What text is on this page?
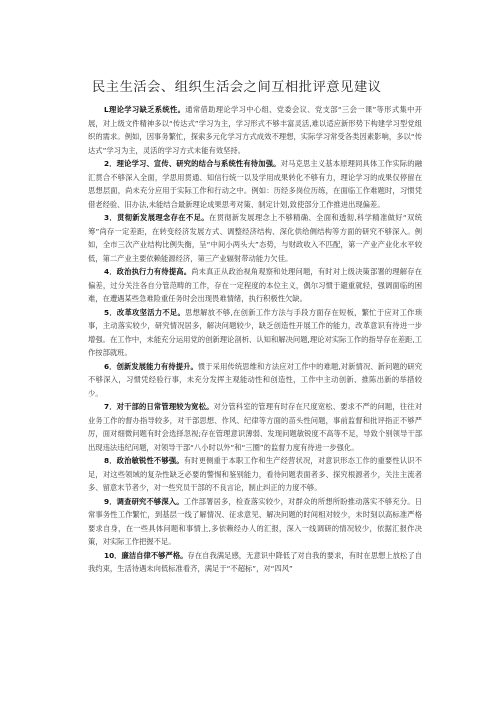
民主生活会、组织生活会之间互相批评意见建议

L理论学习缺乏系统性。通常借助理论学习中心组、党委会议、党支部“三会一课”等形式集中开展，对上级文件精神多以“传达式”学习为主，学习形式不够丰富灵活,难以适应新形势下构建学习型党组织的需求。例如，因事务繁忙，探索多元化学习方式成效不理想，实际学习常受各类因素影响，多以“传达式”学习为主，灵活的学习方式未能有效坚持。

2．理论学习、宣传、研究的结合与系统性有待加强。对马克思主义基本原理同具体工作实际的融汇贯合不够深入全面，学思用贯通、知信行统一以及学用成果转化不够有力，理论学习的成果仅停留在思想层面，尚未充分应用于实际工作和行动之中。例如：历经多岗位历练，在面临工作难题时，习惯凭借老经验、旧办法,未能结合最新理论成果思考对策、制定计划,致使部分工作推进出现偏差。

3．贯彻新发展理念存在不足。在贯彻新发展理念上不够精确、全面和透彻,科学精准做好“双统筹”尚存一定差距，在转变经济发展方式、调整经济结构、深化供给侧结构等方面的研究不够深入。例如，全市三次产业结构比例失衡，呈“中间小两头大”态势，与财政收入不匹配，第一产业产业化水平较低，第二产业主要依赖能源经济，第三产业辐射带动能力欠佳。

4．政治执行力有待提高。尚未真正从政治视角观察和处理问题，有时对上级决策部署的理解存在偏差，过分关注各自分管范畴的工作，存在一定程度的本位主义，偶尔习惯于避重就轻，强调面临的困难，在遭遇某些急难险重任务时会出现畏难情绪，执行积极性欠缺。

5．改革攻坚活力不足。思想解放不够,在创新工作方法与手段方面存在短板，繁忙于应对工作琐事，主动落实较少，研究情况居多，解决问题较少，缺乏创造性开展工作的能力，改革意识有待进一步增强。在工作中，未能充分运用党的创新理论剖析、认知和解决问题,理论对实际工作的指导存在差距,工作按部就班。

6．创新发展能力有待提升。惯于采用传统思维和方法应对工作中的难题,对新情况、新问题的研究不够深入，习惯凭经验行事，未充分发挥主观能动性和创造性，工作中主动创新、推陈出新的举措较少。

7．对干部的日常管理较为宽松。对分管科室的管理有时存在尺度宽松、要求不严的问题，往往对业务工作的督办指导较多，对干部思想、作风、纪律等方面的苗头性问题，事前监督和批评指正不够严厉，面对细微问题有时会选择忽视;存在管理意识薄弱、发现问题敏锐度不高等不足，导致个别领导干部出现违法违纪问题，对领导干部“八小时以外”和“三圈”的监督力度有待进一步强化。

8．政治敏锐性不够强。有时更侧重于本职工作和生产经营状况，对意识形态工作的重要性认识不足，对这些领域的复杂性缺乏必要的警惕和鉴别能力，看待问题表面者多、探究根源者少，关注主流者多、留意末节者少，对一些究员干部的不良言论，制止纠正的力度不够。

9．调查研究不够深入。工作部署居多，检查落实较少，对群众的所想所盼推动落实不够充分。日常事务性工作繁忙，到基层一线了解情况、征求意见、解决问题的时间相对较少，未时刻以高标准严格要求自身，在一些具体问题和事情上,多依赖经办人的汇报，深入一线调研的情况较少，依据汇报作决策，对实际工作把握不足。

10．廉洁自律不够严格。存在自我满足感，无意识中降低了对自我的要求，有时在思想上放松了自我约束，生活待遇未向低标准看齐，满足于“不超标”，对“四风”
